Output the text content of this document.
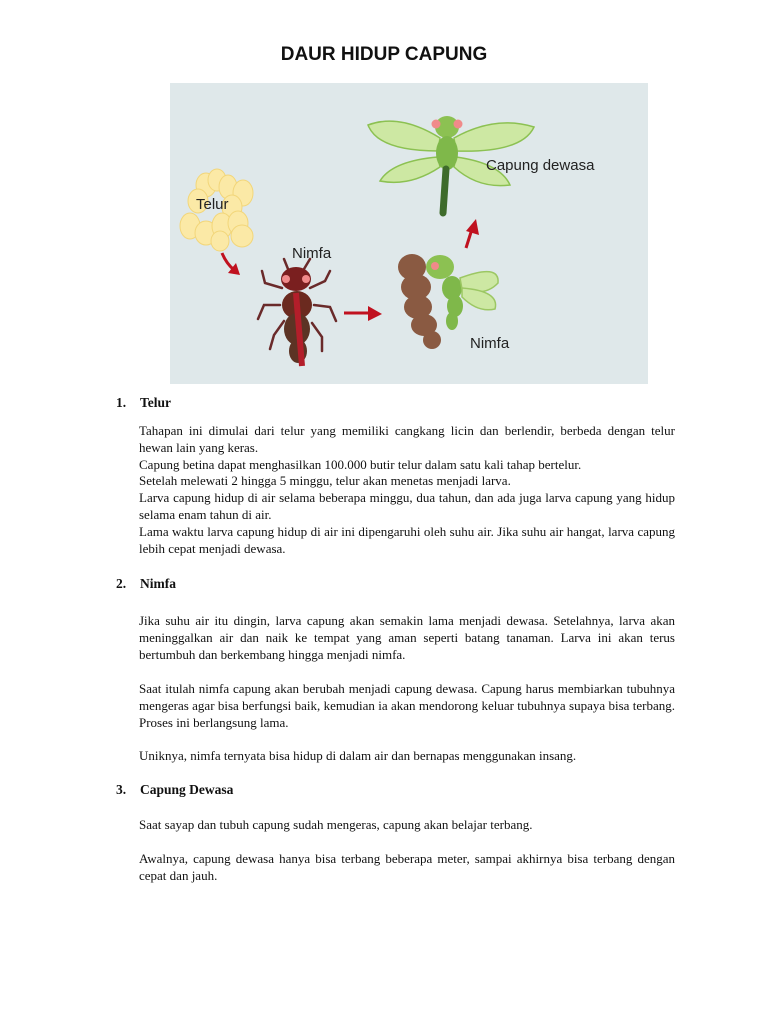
DAUR HIDUP CAPUNG
Telur
Nimfa
Nimfa
Capung dewasa
1. Telur

Tahapan ini dimulai dari telur yang memiliki cangkang licin dan berlendir, berbeda dengan telur hewan lain yang keras.

Capung betina dapat menghasilkan 100.000 butir telur dalam satu kali tahap bertelur.

Setelah melewati 2 hingga 5 minggu, telur akan menetas menjadi larva.

Larva capung hidup di air selama beberapa minggu, dua tahun, dan ada juga larva capung yang hidup selama enam tahun di air.

Lama waktu larva capung hidup di air ini dipengaruhi oleh suhu air. Jika suhu air hangat, larva capung lebih cepat menjadi dewasa.

2. Nimfa

Jika suhu air itu dingin, larva capung akan semakin lama menjadi dewasa. Setelahnya, larva akan meninggalkan air dan naik ke tempat yang aman seperti batang tanaman. Larva ini akan terus bertumbuh dan berkembang hingga menjadi nimfa.

Saat itulah nimfa capung akan berubah menjadi capung dewasa. Capung harus membiarkan tubuhnya mengeras agar bisa berfungsi baik, kemudian ia akan mendorong keluar tubuhnya supaya bisa terbang. Proses ini berlangsung lama.

Uniknya, nimfa ternyata bisa hidup di dalam air dan bernapas menggunakan insang.

3. Capung Dewasa

Saat sayap dan tubuh capung sudah mengeras, capung akan belajar terbang.

Awalnya, capung dewasa hanya bisa terbang beberapa meter, sampai akhirnya bisa terbang dengan cepat dan jauh.
